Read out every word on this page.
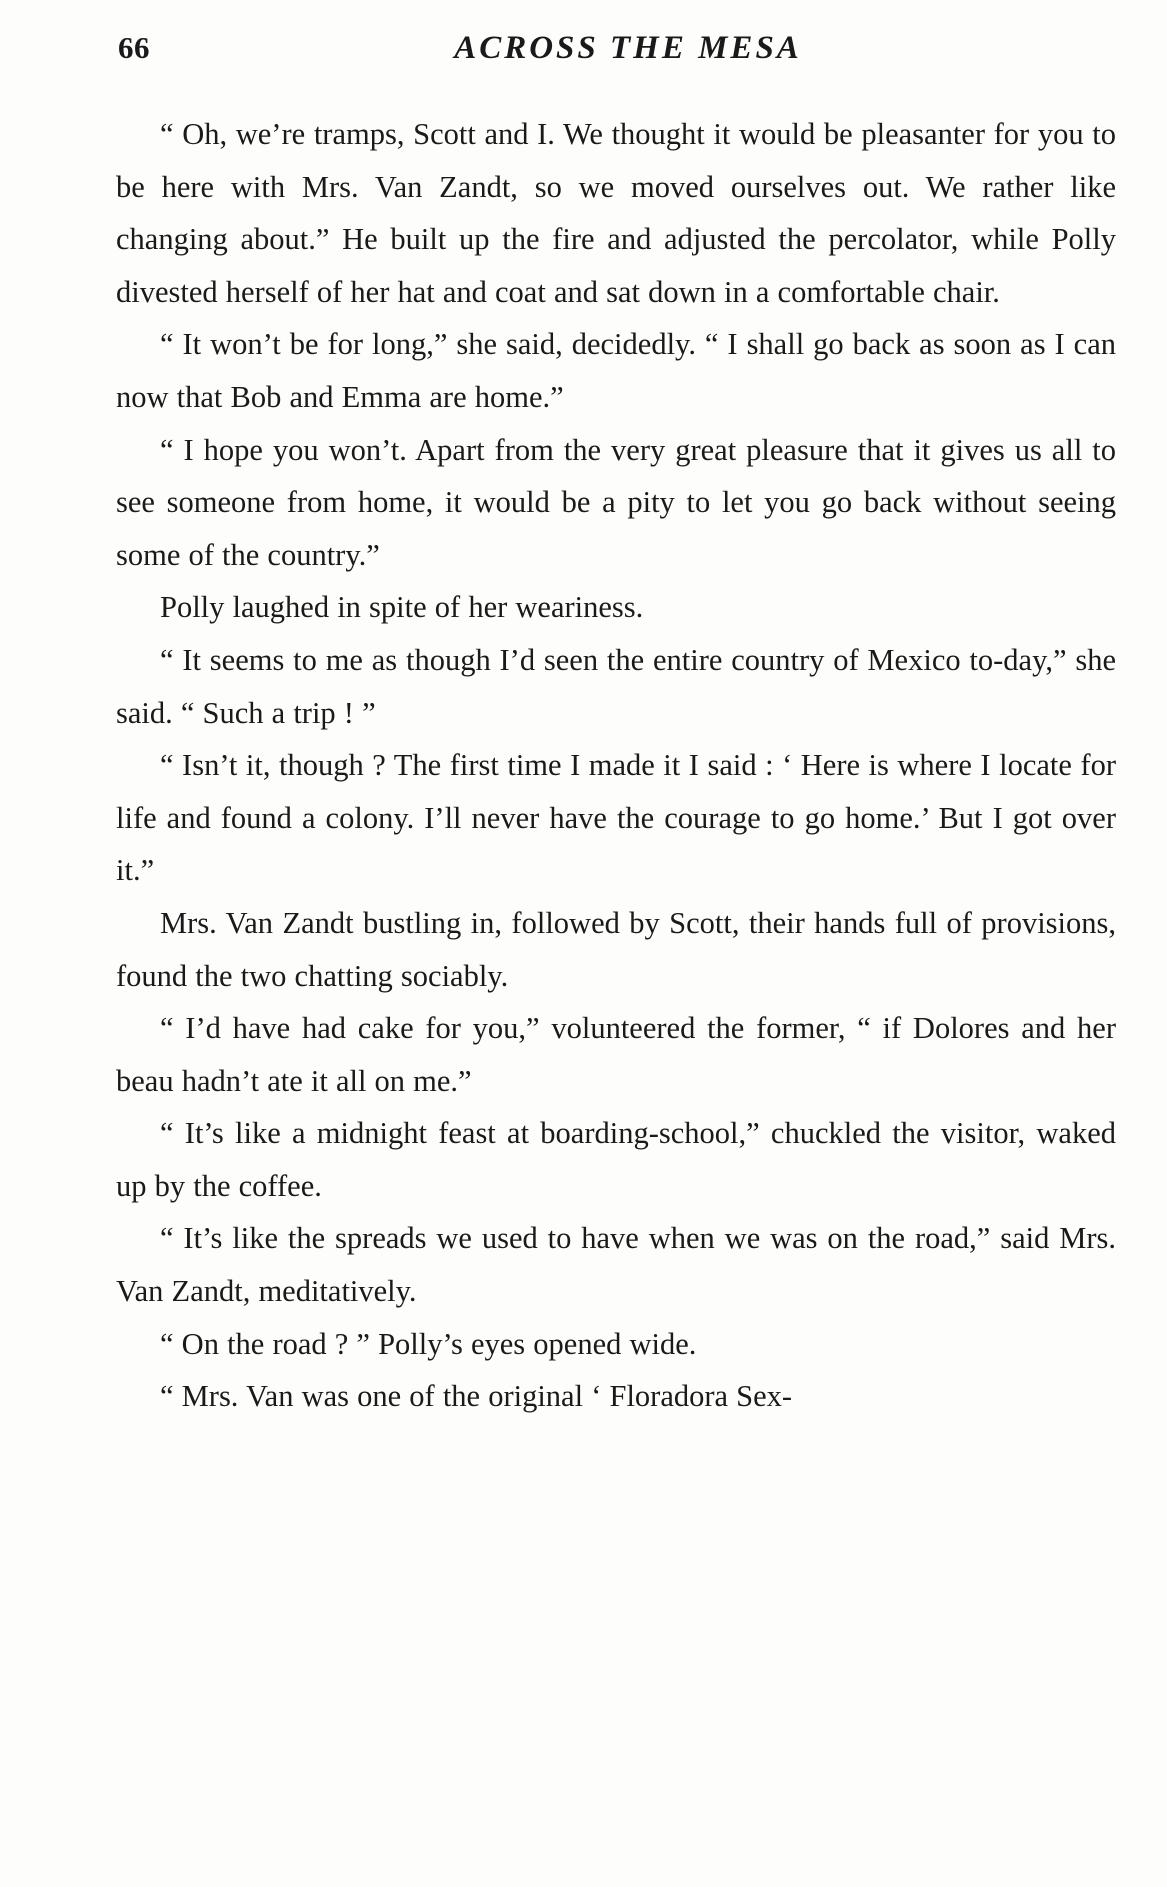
66	ACROSS THE MESA

“ Oh, we’re tramps, Scott and I. We thought it would be pleasanter for you to be here with Mrs. Van Zandt, so we moved ourselves out. We rather like changing about.” He built up the fire and adjusted the percolator, while Polly divested herself of her hat and coat and sat down in a comfortable chair.

“ It won’t be for long,” she said, decidedly. “ I shall go back as soon as I can now that Bob and Emma are home.”

“ I hope you won’t. Apart from the very great pleasure that it gives us all to see someone from home, it would be a pity to let you go back without seeing some of the country.”

Polly laughed in spite of her weariness.

“ It seems to me as though I’d seen the entire country of Mexico to-day,” she said. “ Such a trip ! ”

“ Isn’t it, though ? The first time I made it I said : ‘ Here is where I locate for life and found a colony. I’ll never have the courage to go home.’ But I got over it.”

Mrs. Van Zandt bustling in, followed by Scott, their hands full of provisions, found the two chatting sociably.

“ I’d have had cake for you,” volunteered the former, “ if Dolores and her beau hadn’t ate it all on me.”

“ It’s like a midnight feast at boarding-school,” chuckled the visitor, waked up by the coffee.

“ It’s like the spreads we used to have when we was on the road,” said Mrs. Van Zandt, meditatively.

“ On the road ? ” Polly’s eyes opened wide.

“ Mrs. Van was one of the original ‘ Floradora Sex-
